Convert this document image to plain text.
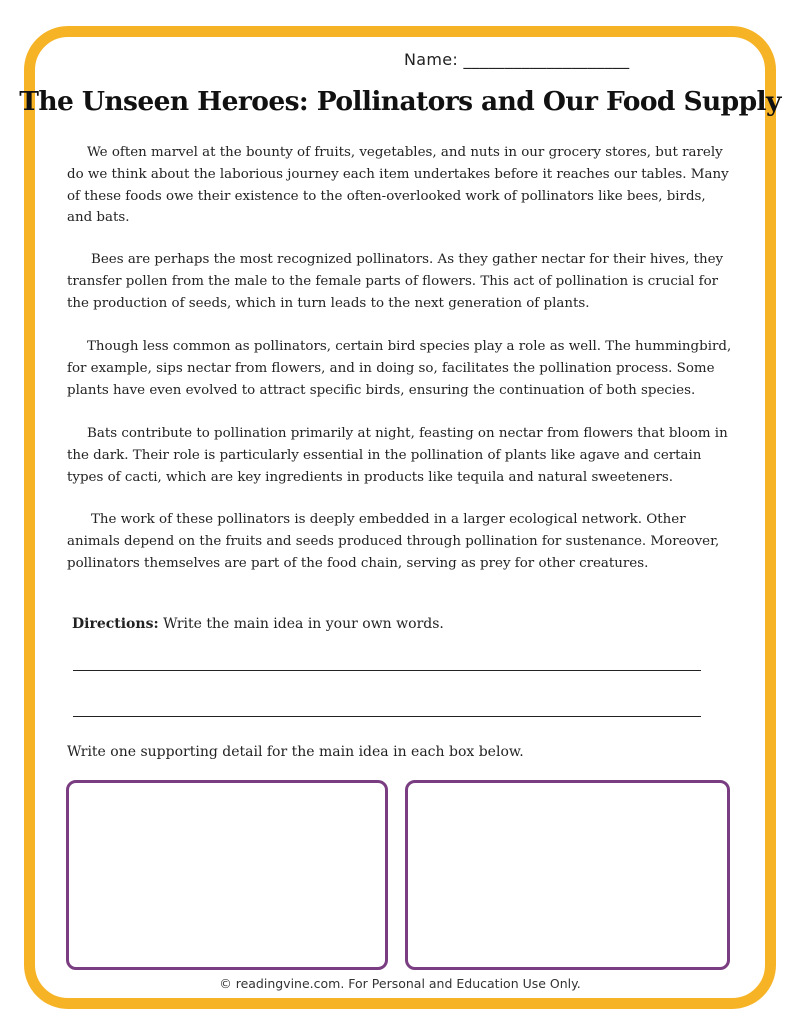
Name: ____________________
The Unseen Heroes: Pollinators and Our Food Supply

We often marvel at the bounty of fruits, vegetables, and nuts in our grocery stores, but rarely do we think about the laborious journey each item undertakes before it reaches our tables. Many of these foods owe their existence to the often-overlooked work of pollinators like bees, birds, and bats.

Bees are perhaps the most recognized pollinators. As they gather nectar for their hives, they transfer pollen from the male to the female parts of flowers. This act of pollination is crucial for the production of seeds, which in turn leads to the next generation of plants.

Though less common as pollinators, certain bird species play a role as well. The hummingbird, for example, sips nectar from flowers, and in doing so, facilitates the pollination process. Some plants have even evolved to attract specific birds, ensuring the continuation of both species.

Bats contribute to pollination primarily at night, feasting on nectar from flowers that bloom in the dark. Their role is particularly essential in the pollination of plants like agave and certain types of cacti, which are key ingredients in products like tequila and natural sweeteners.

The work of these pollinators is deeply embedded in a larger ecological network. Other animals depend on the fruits and seeds produced through pollination for sustenance. Moreover, pollinators themselves are part of the food chain, serving as prey for other creatures.

Directions: Write the main idea in your own words.
Write one supporting detail for the main idea in each box below.
© readingvine.com. For Personal and Education Use Only.
